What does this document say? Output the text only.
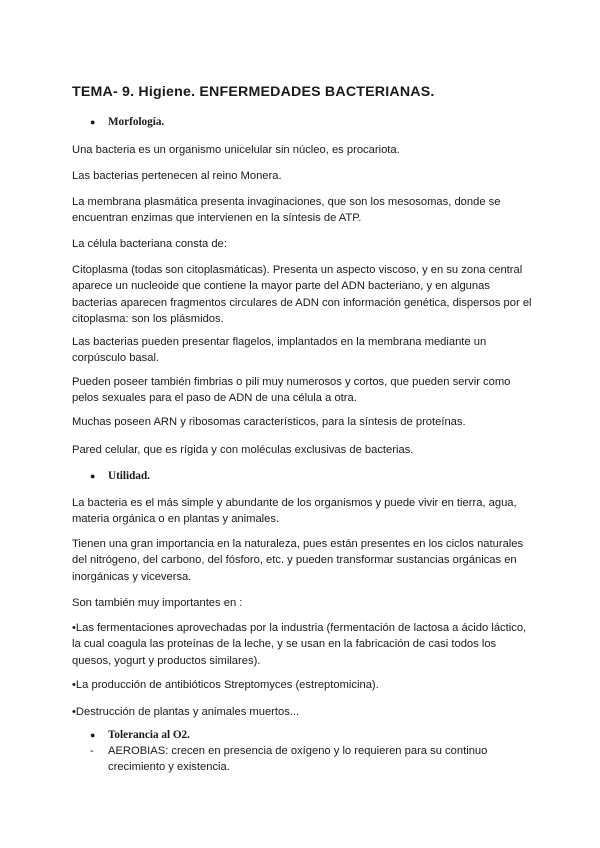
TEMA- 9. Higiene. ENFERMEDADES BACTERIANAS.
● Morfología.

Una bacteria es un organismo unicelular sin núcleo, es procariota.

Las bacterias pertenecen al reino Monera.

La membrana plasmática presenta invaginaciones, que son los mesosomas, donde se encuentran enzimas que intervienen en la síntesis de ATP.

La célula bacteriana consta de:

Citoplasma (todas son citoplasmáticas). Presenta un aspecto viscoso, y en su zona central aparece un nucleoide que contiene la mayor parte del ADN bacteriano, y en algunas bacterias aparecen fragmentos circulares de ADN con información genética, dispersos por el citoplasma: son los plásmidos.

Las bacterias pueden presentar flagelos, implantados en la membrana mediante un corpúsculo basal.

Pueden poseer también fimbrias o pili muy numerosos y cortos, que pueden servir como pelos sexuales para el paso de ADN de una célula a otra.

Muchas poseen ARN y ribosomas característicos, para la síntesis de proteínas.

Pared celular, que es rígida y con moléculas exclusivas de bacterias.

● Utilidad.

La bacteria es el más simple y abundante de los organismos y puede vivir en tierra, agua, materia orgánica o en plantas y animales.

Tienen una gran importancia en la naturaleza, pues están presentes en los ciclos naturales del nitrógeno, del carbono, del fósforo, etc. y pueden transformar sustancias orgánicas en inorgánicas y viceversa.

Son también muy importantes en :

•Las fermentaciones aprovechadas por la industria (fermentación de lactosa a ácido láctico, la cual coagula las proteínas de la leche, y se usan en la fabricación de casi todos los quesos, yogurt y productos similares).

•La producción de antibióticos Streptomyces (estreptomicina).

•Destrucción de plantas y animales muertos...

● Tolerancia al O2.
-	AEROBIAS: crecen en presencia de oxígeno y lo requieren para su continuo crecimiento y existencia.
